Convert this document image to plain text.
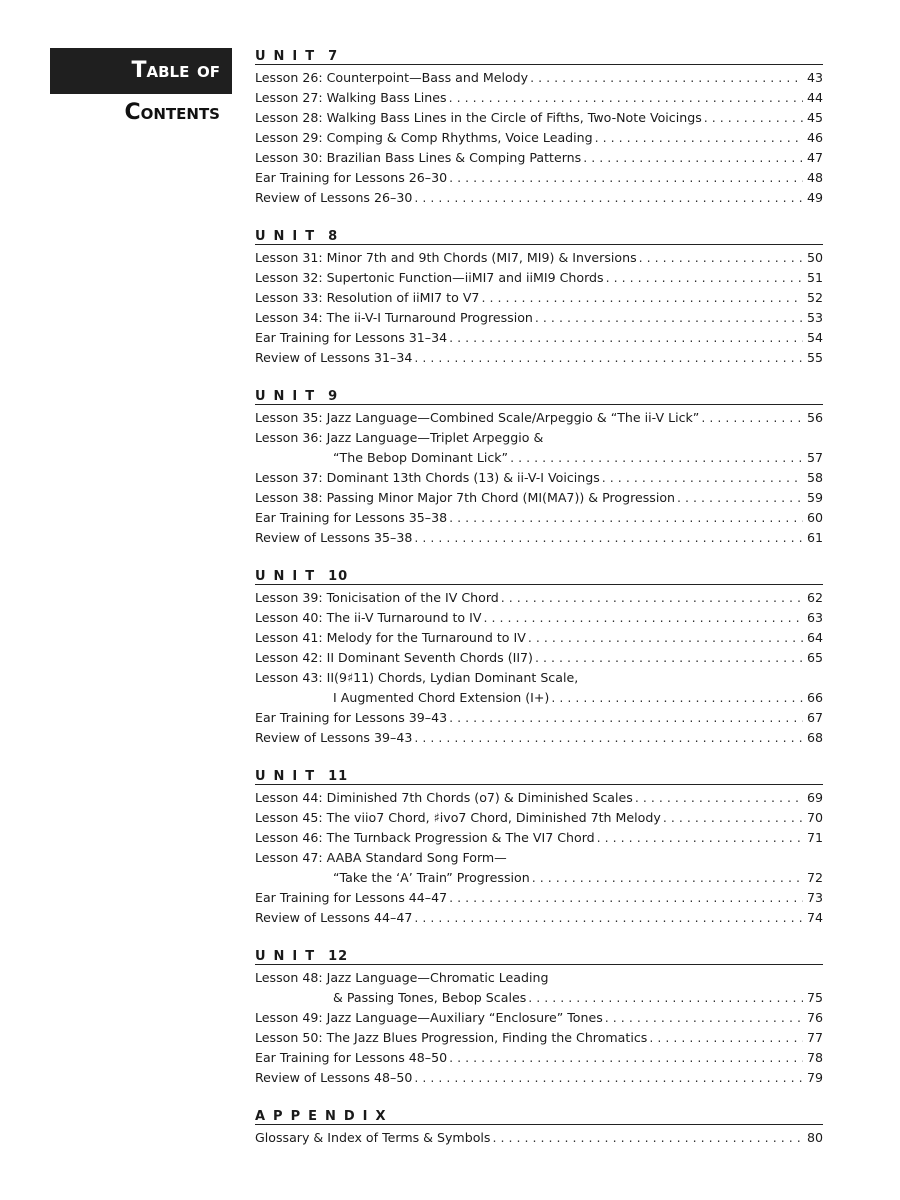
Table of
Contents
UNIT 7
Lesson 26: Counterpoint—Bass and Melody . . .	43
Lesson 27: Walking Bass Lines . . .	44
Lesson 28: Walking Bass Lines in the Circle of Fifths, Two-Note Voicings . . .	45
Lesson 29: Comping & Comp Rhythms, Voice Leading . . .	46
Lesson 30: Brazilian Bass Lines & Comping Patterns . . .	47
Ear Training for Lessons 26–30 . . .	48
Review of Lessons 26–30 . . .	49
UNIT 8
Lesson 31: Minor 7th and 9th Chords (MI7, MI9) & Inversions . . .	50
Lesson 32: Supertonic Function—iiMI7 and iiMI9 Chords . . .	51
Lesson 33: Resolution of iiMI7 to V7 . . .	52
Lesson 34: The ii-V-I Turnaround Progression . . .	53
Ear Training for Lessons 31–34 . . .	54
Review of Lessons 31–34 . . .	55
UNIT 9
Lesson 35: Jazz Language—Combined Scale/Arpeggio & “The ii-V Lick” . . .	56
Lesson 36: Jazz Language—Triplet Arpeggio &
“The Bebop Dominant Lick” . . .	57
Lesson 37: Dominant 13th Chords (13) & ii-V-I Voicings . . .	58
Lesson 38: Passing Minor Major 7th Chord (MI(MA7)) & Progression . . .	59
Ear Training for Lessons 35–38 . . .	60
Review of Lessons 35–38 . . .	61
UNIT 10
Lesson 39: Tonicisation of the IV Chord . . .	62
Lesson 40: The ii-V Turnaround to IV . . .	63
Lesson 41: Melody for the Turnaround to IV . . .	64
Lesson 42: II Dominant Seventh Chords (II7) . . .	65
Lesson 43: II(9♯11) Chords, Lydian Dominant Scale,
I Augmented Chord Extension (I+) . . .	66
Ear Training for Lessons 39–43 . . .	67
Review of Lessons 39–43 . . .	68
UNIT 11
Lesson 44: Diminished 7th Chords (o7) & Diminished Scales . . .	69
Lesson 45: The viio7 Chord, ♯ivo7 Chord, Diminished 7th Melody . . .	70
Lesson 46: The Turnback Progression & The VI7 Chord . . .	71
Lesson 47: AABA Standard Song Form—
“Take the ‘A’ Train” Progression . . .	72
Ear Training for Lessons 44–47 . . .	73
Review of Lessons 44–47 . . .	74
UNIT 12
Lesson 48: Jazz Language—Chromatic Leading
& Passing Tones, Bebop Scales . . .	75
Lesson 49: Jazz Language—Auxiliary “Enclosure” Tones . . .	76
Lesson 50: The Jazz Blues Progression, Finding the Chromatics . . .	77
Ear Training for Lessons 48–50 . . .	78
Review of Lessons 48–50 . . .	79
APPENDIX
Glossary & Index of Terms & Symbols . . .	80
